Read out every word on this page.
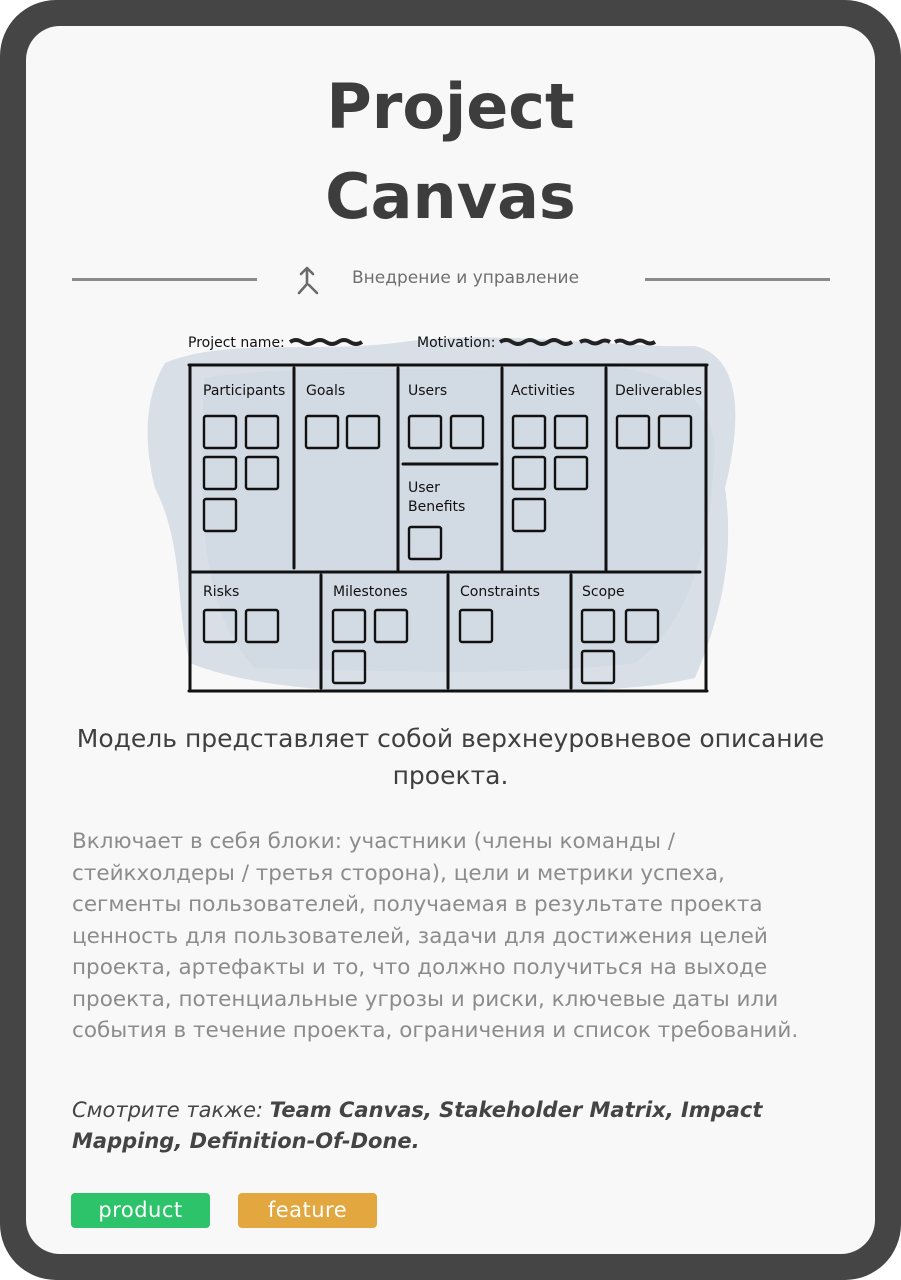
Project
Canvas
Внедрение и управление
Project name:	Motivation:
Participants Goals	Users	Activities	Deliverables
User
Benefits
Risks	Milestones	Constraints	Scope

Модель представляет собой верхнеуровневое описание проекта.

Включает в себя блоки: участники (члены команды / стейкхолдеры / третья сторона), цели и метрики успеха, сегменты пользователей, получаемая в результате проекта ценность для пользователей, задачи для достижения целей проекта, артефакты и то, что должно получиться на выходе проекта, потенциальные угрозы и риски, ключевые даты или события в течение проекта, ограничения и список требований.

Смотрите также: Team Canvas, Stakeholder Matrix, Impact Mapping, Definition-Of-Done.

product	feature
